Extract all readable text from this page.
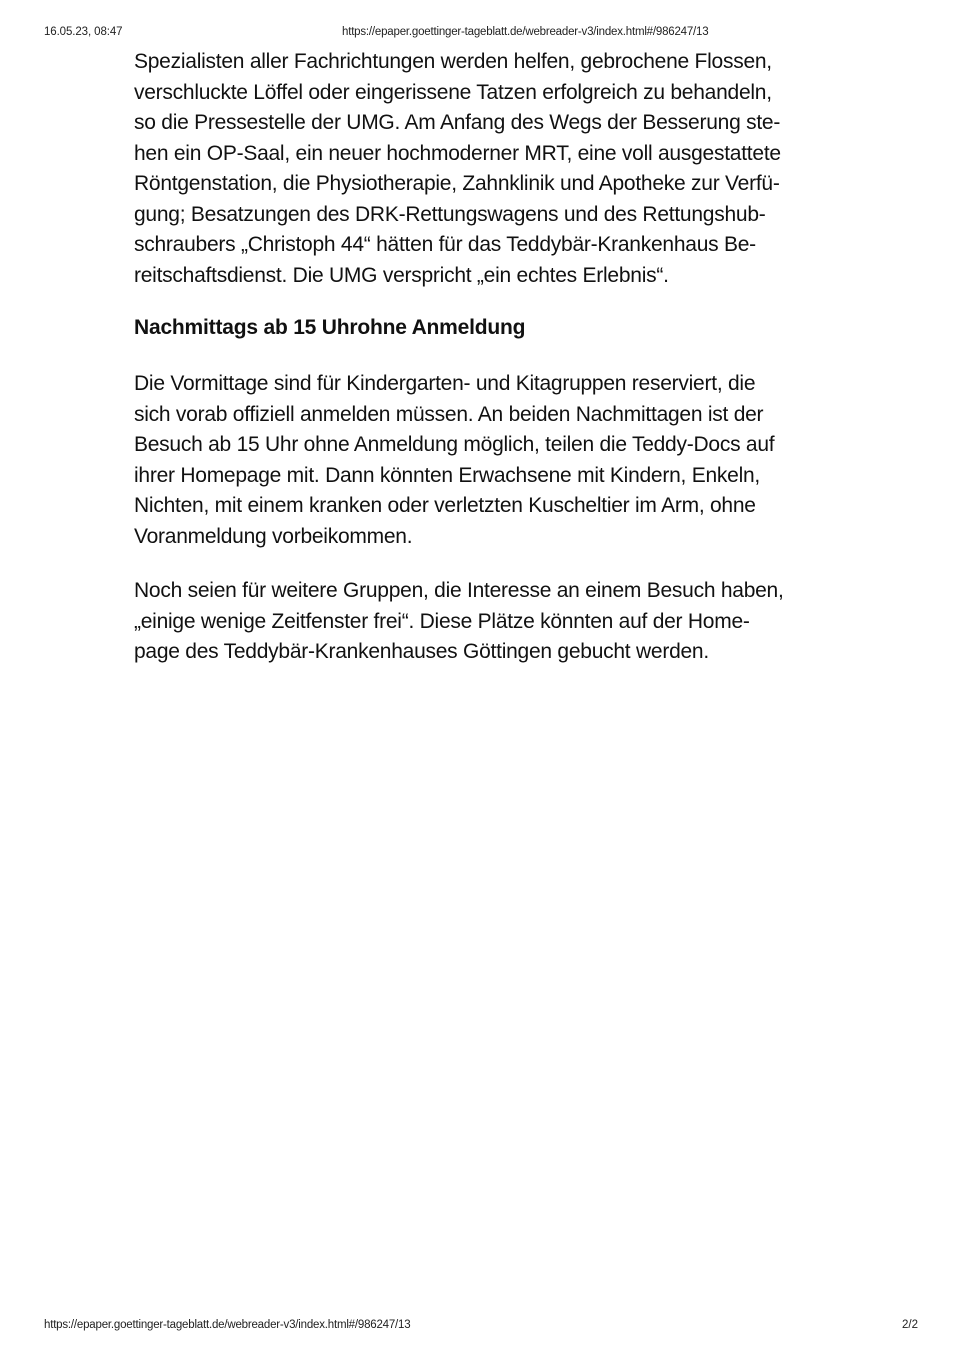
16.05.23, 08:47	https://epaper.goettinger-tageblatt.de/webreader-v3/index.html#/986247/13

Spezialisten aller Fachrichtungen werden helfen, gebrochene Flossen,
verschluckte Löffel oder eingerissene Tatzen erfolgreich zu behandeln,
so die Pressestelle der UMG. Am Anfang des Wegs der Besserung ste-
hen ein OP-Saal, ein neuer hochmoderner MRT, eine voll ausgestattete
Röntgenstation, die Physiotherapie, Zahnklinik und Apotheke zur Verfü-
gung; Besatzungen des DRK-Rettungswagens und des Rettungshub-
schraubers „Christoph 44“ hätten für das Teddybär-Krankenhaus Be-
reitschaftsdienst. Die UMG verspricht „ein echtes Erlebnis“.

Nachmittags ab 15 Uhrohne Anmeldung

Die Vormittage sind für Kindergarten- und Kitagruppen reserviert, die
sich vorab offiziell anmelden müssen. An beiden Nachmittagen ist der
Besuch ab 15 Uhr ohne Anmeldung möglich, teilen die Teddy-Docs auf
ihrer Homepage mit. Dann könnten Erwachsene mit Kindern, Enkeln,
Nichten, mit einem kranken oder verletzten Kuscheltier im Arm, ohne
Voranmeldung vorbeikommen.

Noch seien für weitere Gruppen, die Interesse an einem Besuch haben,
„einige wenige Zeitfenster frei“. Diese Plätze könnten auf der Home-
page des Teddybär-Krankenhauses Göttingen gebucht werden.

https://epaper.goettinger-tageblatt.de/webreader-v3/index.html#/986247/13	2/2
